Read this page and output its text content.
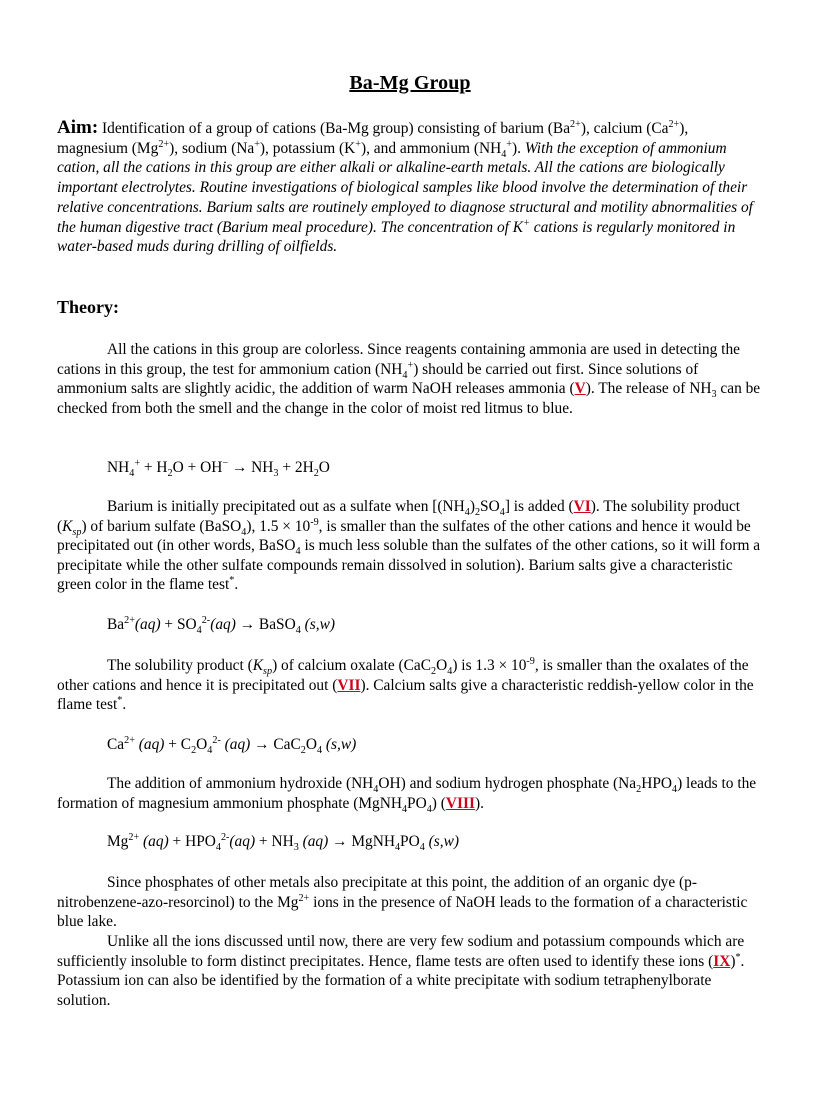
Ba-Mg Group

Aim: Identification of a group of cations (Ba-Mg group) consisting of barium $(Ba^{2+})$, calcium $(Ca^{2+})$, magnesium $(Mg^{2+})$, sodium (Na+), potassium (K+), and ammonium $(NH_4^+)$. With the exception of ammonium cation, all the cations in this group are either alkali or alkaline-earth metals. All the cations are biologically important electrolytes. Routine investigations of biological samples like blood involve the determination of their relative concentrations. Barium salts are routinely employed to diagnose structural and motility abnormalities of the human digestive tract (Barium meal procedure). The concentration of K+ cations is regularly monitored in water-based muds during drilling of oilfields.

Theory:

All the cations in this group are colorless. Since reagents containing ammonia are used in detecting the cations in this group, the test for ammonium cation $(NH_4^+)$ should be carried out first. Since solutions of ammonium salts are slightly acidic, the addition of warm NaOH releases ammonia (V). The release of $NH_3$ can be checked from both the smell and the change in the color of moist red litmus to blue.

$NH_4^+ + H_2O + OH^- \to NH_3 + 2H_2O$

Barium is initially precipitated out as a sulfate when $[(NH_4)_2SO_4]$ is added (VI). The solubility product $(K_{sp})$ of barium sulfate (BaSO$_4$), $1.5 \times 10^{-9}$, is smaller than the sulfates of the other cations and hence it would be precipitated out (in other words, BaSO$_4$ is much less soluble than the sulfates of the other cations, so it will form a precipitate while the other sulfate compounds remain dissolved in solution). Barium salts give a characteristic green color in the flame test*.

$Ba^{2+}(aq) + SO_4^{2-}(aq)$ → BaSO$_4$ (s,w)

The solubility product $(K_{sp})$ of calcium oxalate $(CaC_2O_4)$ is $1.3 \times 10^{-9}$, is smaller than the oxalates of the other cations and hence it is precipitated out (VII). Calcium salts give a characteristic reddish-yellow color in the flame test*.

$Ca^{2+}$ $(aq) + C_2O_4^{2-}$ $(aq) \to CaC_2O_4$ (s,w)

The addition of ammonium hydroxide $(NH_4OH)$ and sodium hydrogen phosphate $(Na_2HPO_4)$ leads to the formation of magnesium ammonium phosphate $(MgNH_4PO_4)$ (VIII).

$Mg^{2+}$ $(aq) + HPO_4^{2-}(aq) + NH_3$ $(aq) \to MgNH_4PO_4$ (s,w)

Since phosphates of other metals also precipitate at this point, the addition of an organic dye (p-nitrobenzene-azo-resorcinol) to the $Mg^{2+}$ ions in the presence of NaOH leads to the formation of a characteristic blue lake.

Unlike all the ions discussed until now, there are very few sodium and potassium compounds which are sufficiently insoluble to form distinct precipitates. Hence, flame tests are often used to identify these ions (IX)*. Potassium ion can also be identified by the formation of a white precipitate with sodium tetraphenylborate solution.
